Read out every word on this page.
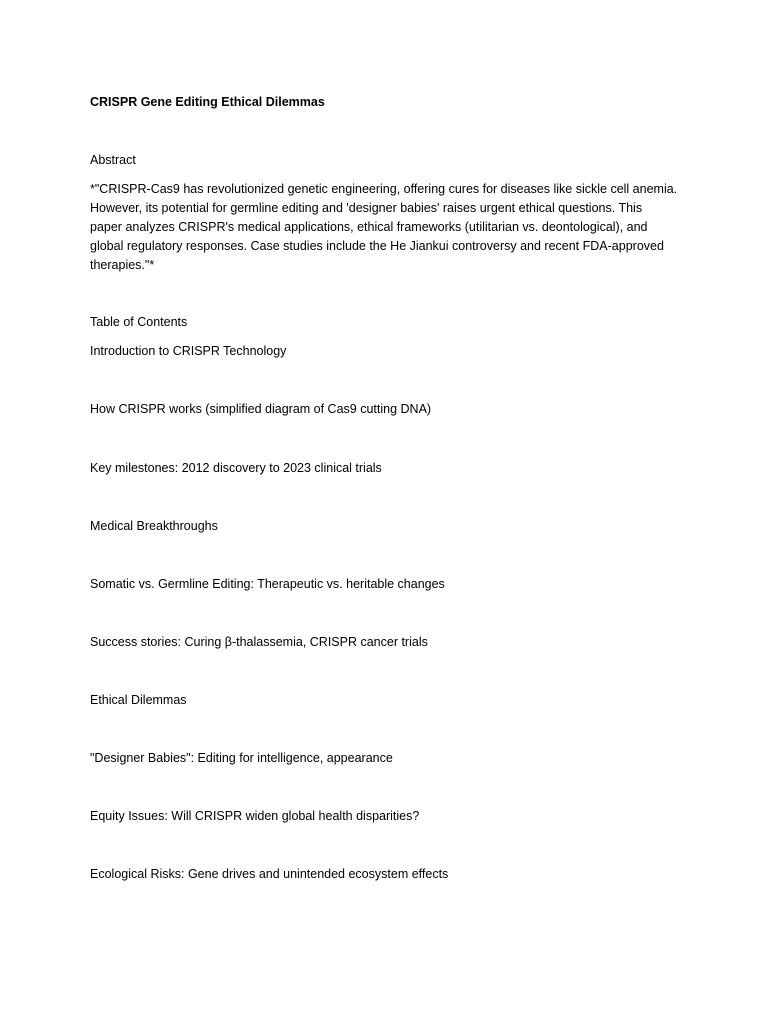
CRISPR Gene Editing Ethical Dilemmas
Abstract
*"CRISPR-Cas9 has revolutionized genetic engineering, offering cures for diseases like sickle cell anemia.
However, its potential for germline editing and 'designer babies' raises urgent ethical questions. This
paper analyzes CRISPR's medical applications, ethical frameworks (utilitarian vs. deontological), and
global regulatory responses. Case studies include the He Jiankui controversy and recent FDA-approved
therapies."*
Table of Contents
Introduction to CRISPR Technology
How CRISPR works (simplified diagram of Cas9 cutting DNA)
Key milestones: 2012 discovery to 2023 clinical trials
Medical Breakthroughs
Somatic vs. Germline Editing: Therapeutic vs. heritable changes
Success stories: Curing β-thalassemia, CRISPR cancer trials
Ethical Dilemmas
"Designer Babies": Editing for intelligence, appearance
Equity Issues: Will CRISPR widen global health disparities?
Ecological Risks: Gene drives and unintended ecosystem effects
